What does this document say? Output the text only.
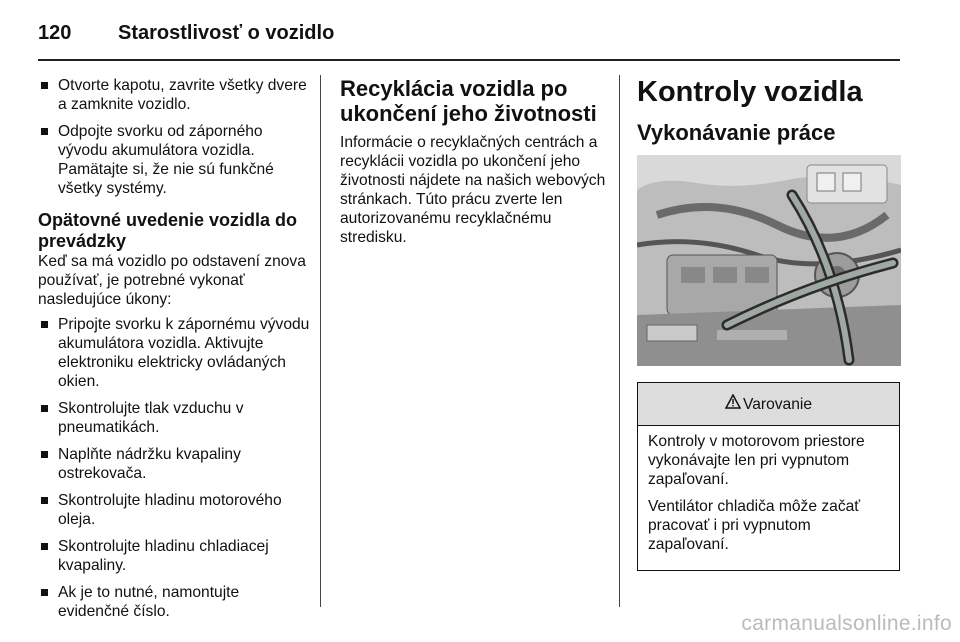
120 Starostlivosť o vozidlo

Otvorte kapotu, zavrite všetky dvere a zamknite vozidlo.

Odpojte svorku od záporného vývodu akumulátora vozidla. Pamätajte si, že nie sú funkčné všetky systémy.

Opätovné uvedenie vozidla do prevádzky

Keď sa má vozidlo po odstavení znova používať, je potrebné vykonať nasledujúce úkony:

Pripojte svorku k zápornému vývodu akumulátora vozidla. Aktivujte elektroniku elektricky ovládaných okien.

Skontrolujte tlak vzduchu v pneumatikách.

Naplňte nádržku kvapaliny ostrekovača.

Skontrolujte hladinu motorového oleja.

Skontrolujte hladinu chladiacej kvapaliny.

Ak je to nutné, namontujte evidenčné číslo.

Recyklácia vozidla po ukončení jeho životnosti

Informácie o recyklačných centrách a recyklácii vozidla po ukončení jeho životnosti nájdete na našich webových stránkach. Túto prácu zverte len autorizovanému recyklačnému stredisku.

Kontroly vozidla
Vykonávanie práce
Varovanie

Kontroly v motorovom priestore vykonávajte len pri vypnutom zapaľovaní.

Ventilátor chladiča môže začať pracovať i pri vypnutom zapaľovaní.

carmanualsonline.info
